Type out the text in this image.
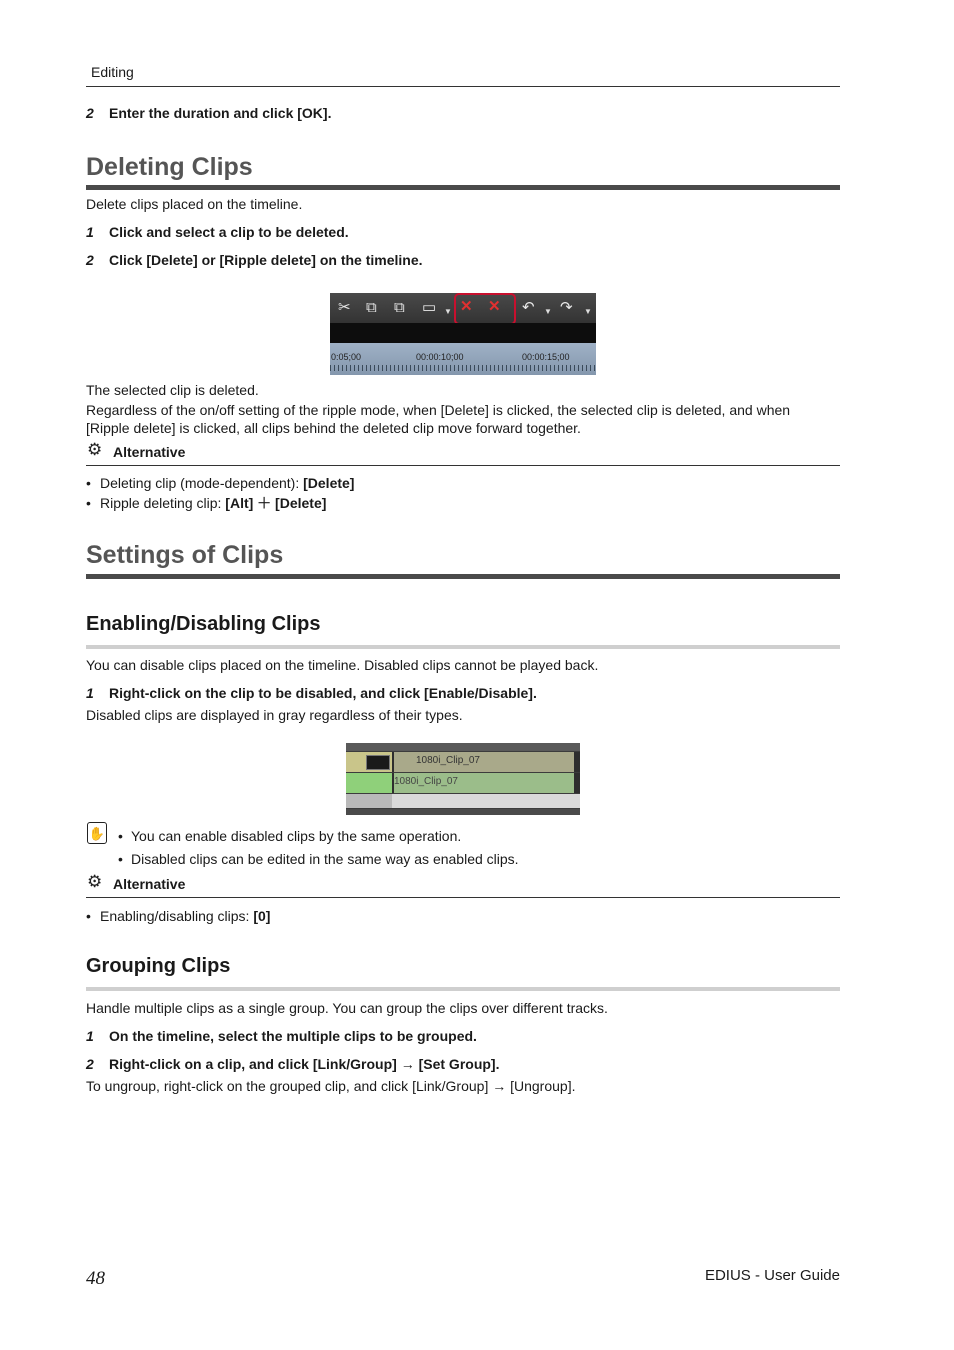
Editing
2 Enter the duration and click [OK].
Deleting Clips
Delete clips placed on the timeline.
1 Click and select a clip to be deleted.
2 Click [Delete] or [Ripple delete] on the timeline.
✂ ⧉ ⧉ ▭ ▼ ✕ ✕ ↶ ▼ ↷ ▼
0:05;00	00:00:10;00	00:00:15;00
The selected clip is deleted.
Regardless of the on/off setting of the ripple mode, when [Delete] is clicked, the selected clip is deleted, and when [Ripple delete] is clicked, all clips behind the deleted clip move forward together.
⚙ Alternative
• Deleting clip (mode-dependent): [Delete]
• Ripple deleting clip: [Alt] ＋ [Delete]
Settings of Clips
Enabling/Disabling Clips
You can disable clips placed on the timeline. Disabled clips cannot be played back.
1 Right-click on the clip to be disabled, and click [Enable/Disable].
Disabled clips are displayed in gray regardless of their types.
1080i_Clip_07
1080i_Clip_07
✋ • You can enable disabled clips by the same operation.
• Disabled clips can be edited in the same way as enabled clips.
⚙ Alternative
• Enabling/disabling clips: [0]
Grouping Clips
Handle multiple clips as a single group. You can group the clips over different tracks.
1 On the timeline, select the multiple clips to be grouped.
2 Right-click on a clip, and click [Link/Group] → [Set Group].
To ungroup, right-click on the grouped clip, and click [Link/Group] → [Ungroup].
48	EDIUS - User Guide
